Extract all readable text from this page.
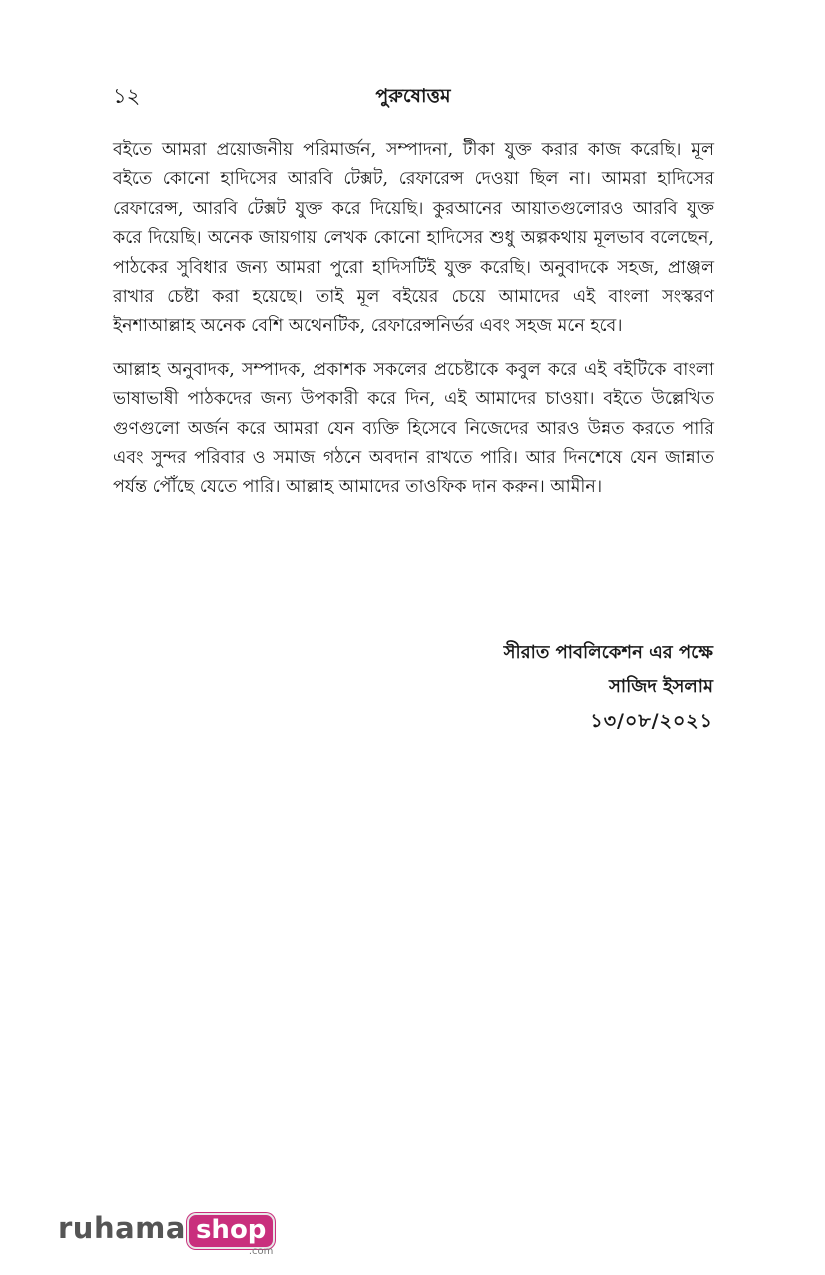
১২	পুরুষোত্তম

বইতে আমরা প্রয়োজনীয় পরিমার্জন, সম্পাদনা, টীকা যুক্ত করার কাজ করেছি। মূল বইতে কোনো হাদিসের আরবি টেক্সট, রেফারেন্স দেওয়া ছিল না। আমরা হাদিসের রেফারেন্স, আরবি টেক্সট যুক্ত করে দিয়েছি। কুরআনের আয়াতগুলোরও আরবি যুক্ত করে দিয়েছি। অনেক জায়গায় লেখক কোনো হাদিসের শুধু অল্পকথায় মূলভাব বলেছেন, পাঠকের সুবিধার জন্য আমরা পুরো হাদিসটিই যুক্ত করেছি। অনুবাদকে সহজ, প্রাঞ্জল রাখার চেষ্টা করা হয়েছে। তাই মূল বইয়ের চেয়ে আমাদের এই বাংলা সংস্করণ ইনশাআল্লাহ অনেক বেশি অথেনটিক, রেফারেন্সনির্ভর এবং সহজ মনে হবে।

আল্লাহ অনুবাদক, সম্পাদক, প্রকাশক সকলের প্রচেষ্টাকে কবুল করে এই বইটিকে বাংলা ভাষাভাষী পাঠকদের জন্য উপকারী করে দিন, এই আমাদের চাওয়া। বইতে উল্লেখিত গুণগুলো অর্জন করে আমরা যেন ব্যক্তি হিসেবে নিজেদের আরও উন্নত করতে পারি এবং সুন্দর পরিবার ও সমাজ গঠনে অবদান রাখতে পারি। আর দিনশেষে যেন জান্নাত পর্যন্ত পৌঁছে যেতে পারি। আল্লাহ আমাদের তাওফিক দান করুন। আমীন।

সীরাত পাবলিকেশন এর পক্ষে
সাজিদ ইসলাম
১৩/০৮/২০২১
ruhama shop
.com
